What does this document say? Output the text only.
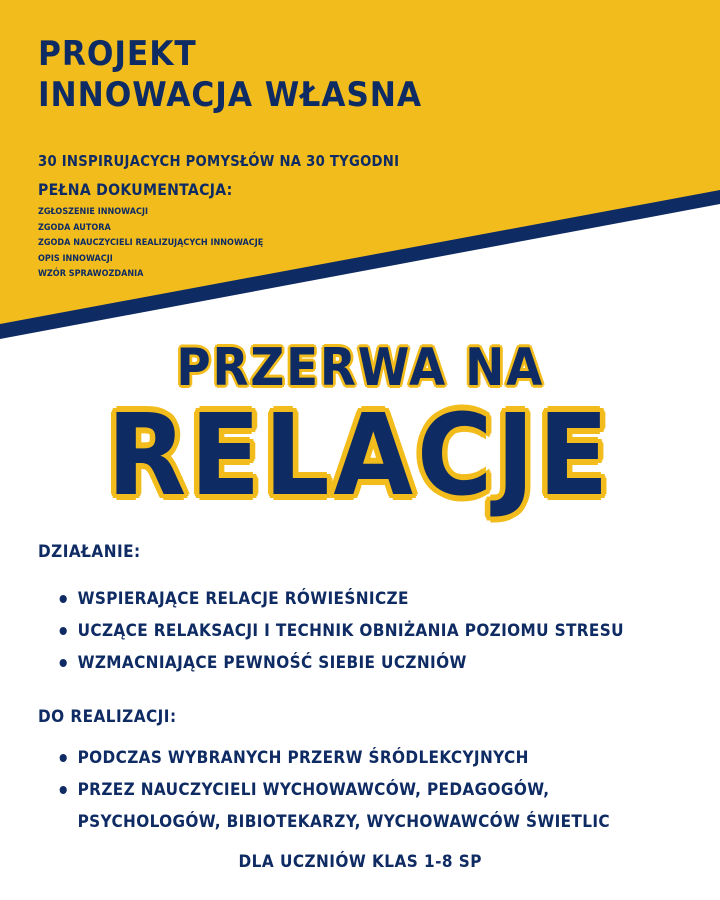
PROJEKT
INNOWACJA WŁASNA
30 INSPIRUJACYCH POMYSŁÓW NA 30 TYGODNI
PEŁNA DOKUMENTACJA:
ZGŁOSZENIE INNOWACJI
ZGODA AUTORA
ZGODA NAUCZYCIELI REALIZUJĄCYCH INNOWACJĘ
OPIS INNOWACJI
WZÓR SPRAWOZDANIA
PRZERWA NA
RELACJE
DZIAŁANIE:
WSPIERAJĄCE RELACJE RÓWIEŚNICZE
UCZĄCE RELAKSACJI I TECHNIK OBNIŻANIA POZIOMU STRESU
WZMACNIAJĄCE PEWNOŚĆ SIEBIE UCZNIÓW
DO REALIZACJI:
PODCZAS WYBRANYCH PRZERW ŚRÓDLEKCYJNYCH
PRZEZ NAUCZYCIELI WYCHOWAWCÓW, PEDAGOGÓW,
PSYCHOLOGÓW, BIBIOTEKARZY, WYCHOWAWCÓW ŚWIETLIC
DLA UCZNIÓW KLAS 1-8 SP
